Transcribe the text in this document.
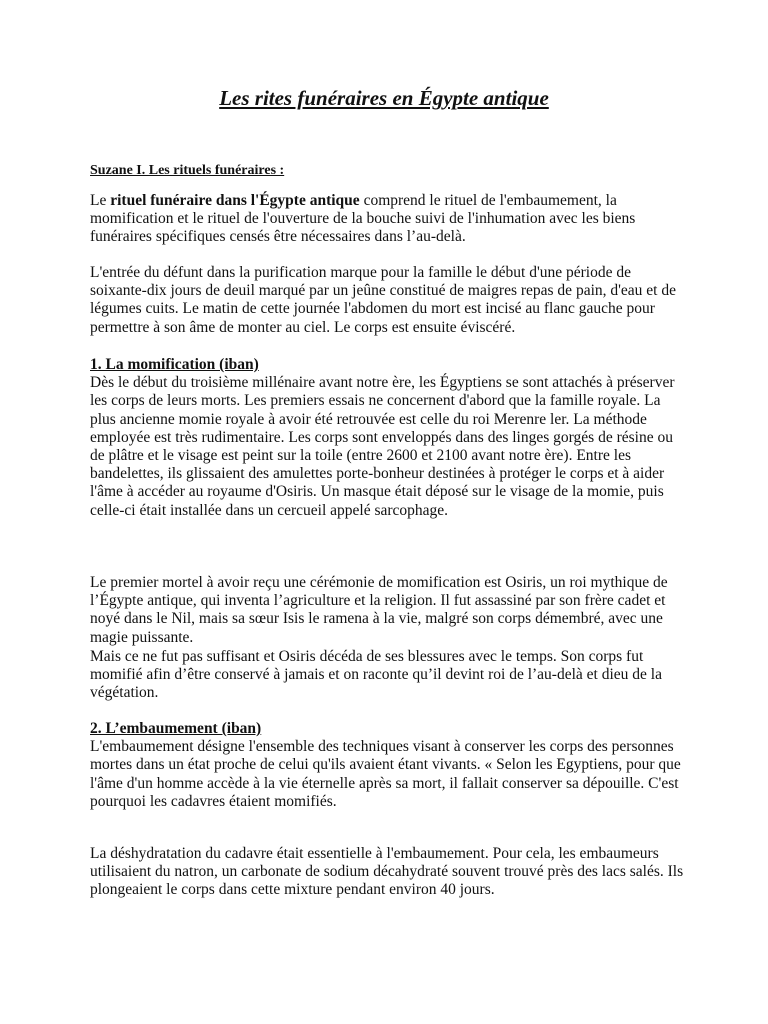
Les rites funéraires en Égypte antique

Suzane I. Les rituels funéraires :

Le rituel funéraire dans l'Égypte antique comprend le rituel de l'embaumement, la momification et le rituel de l'ouverture de la bouche suivi de l'inhumation avec les biens funéraires spécifiques censés être nécessaires dans l’au-delà.

L'entrée du défunt dans la purification marque pour la famille le début d'une période de soixante-dix jours de deuil marqué par un jeûne constitué de maigres repas de pain, d'eau et de légumes cuits. Le matin de cette journée l'abdomen du mort est incisé au flanc gauche pour permettre à son âme de monter au ciel. Le corps est ensuite éviscéré.

1. La momification (iban)
Dès le début du troisième millénaire avant notre ère, les Égyptiens se sont attachés à préserver les corps de leurs morts. Les premiers essais ne concernent d'abord que la famille royale. La plus ancienne momie royale à avoir été retrouvée est celle du roi Merenre ler. La méthode employée est très rudimentaire. Les corps sont enveloppés dans des linges gorgés de résine ou de plâtre et le visage est peint sur la toile (entre 2600 et 2100 avant notre ère). Entre les bandelettes, ils glissaient des amulettes porte-bonheur destinées à protéger le corps et à aider l'âme à accéder au royaume d'Osiris. Un masque était déposé sur le visage de la momie, puis celle-ci était installée dans un cercueil appelé sarcophage.

Le premier mortel à avoir reçu une cérémonie de momification est Osiris, un roi mythique de l’Égypte antique, qui inventa l’agriculture et la religion. Il fut assassiné par son frère cadet et noyé dans le Nil, mais sa sœur Isis le ramena à la vie, malgré son corps démembré, avec une magie puissante.

Mais ce ne fut pas suffisant et Osiris décéda de ses blessures avec le temps. Son corps fut momifié afin d’être conservé à jamais et on raconte qu’il devint roi de l’au-delà et dieu de la végétation.

2. L’embaumement (iban)
L'embaumement désigne l'ensemble des techniques visant à conserver les corps des personnes mortes dans un état proche de celui qu'ils avaient étant vivants. « Selon les Egyptiens, pour que l'âme d'un homme accède à la vie éternelle après sa mort, il fallait conserver sa dépouille. C'est pourquoi les cadavres étaient momifiés.

La déshydratation du cadavre était essentielle à l'embaumement. Pour cela, les embaumeurs utilisaient du natron, un carbonate de sodium décahydraté souvent trouvé près des lacs salés. Ils plongeaient le corps dans cette mixture pendant environ 40 jours.
